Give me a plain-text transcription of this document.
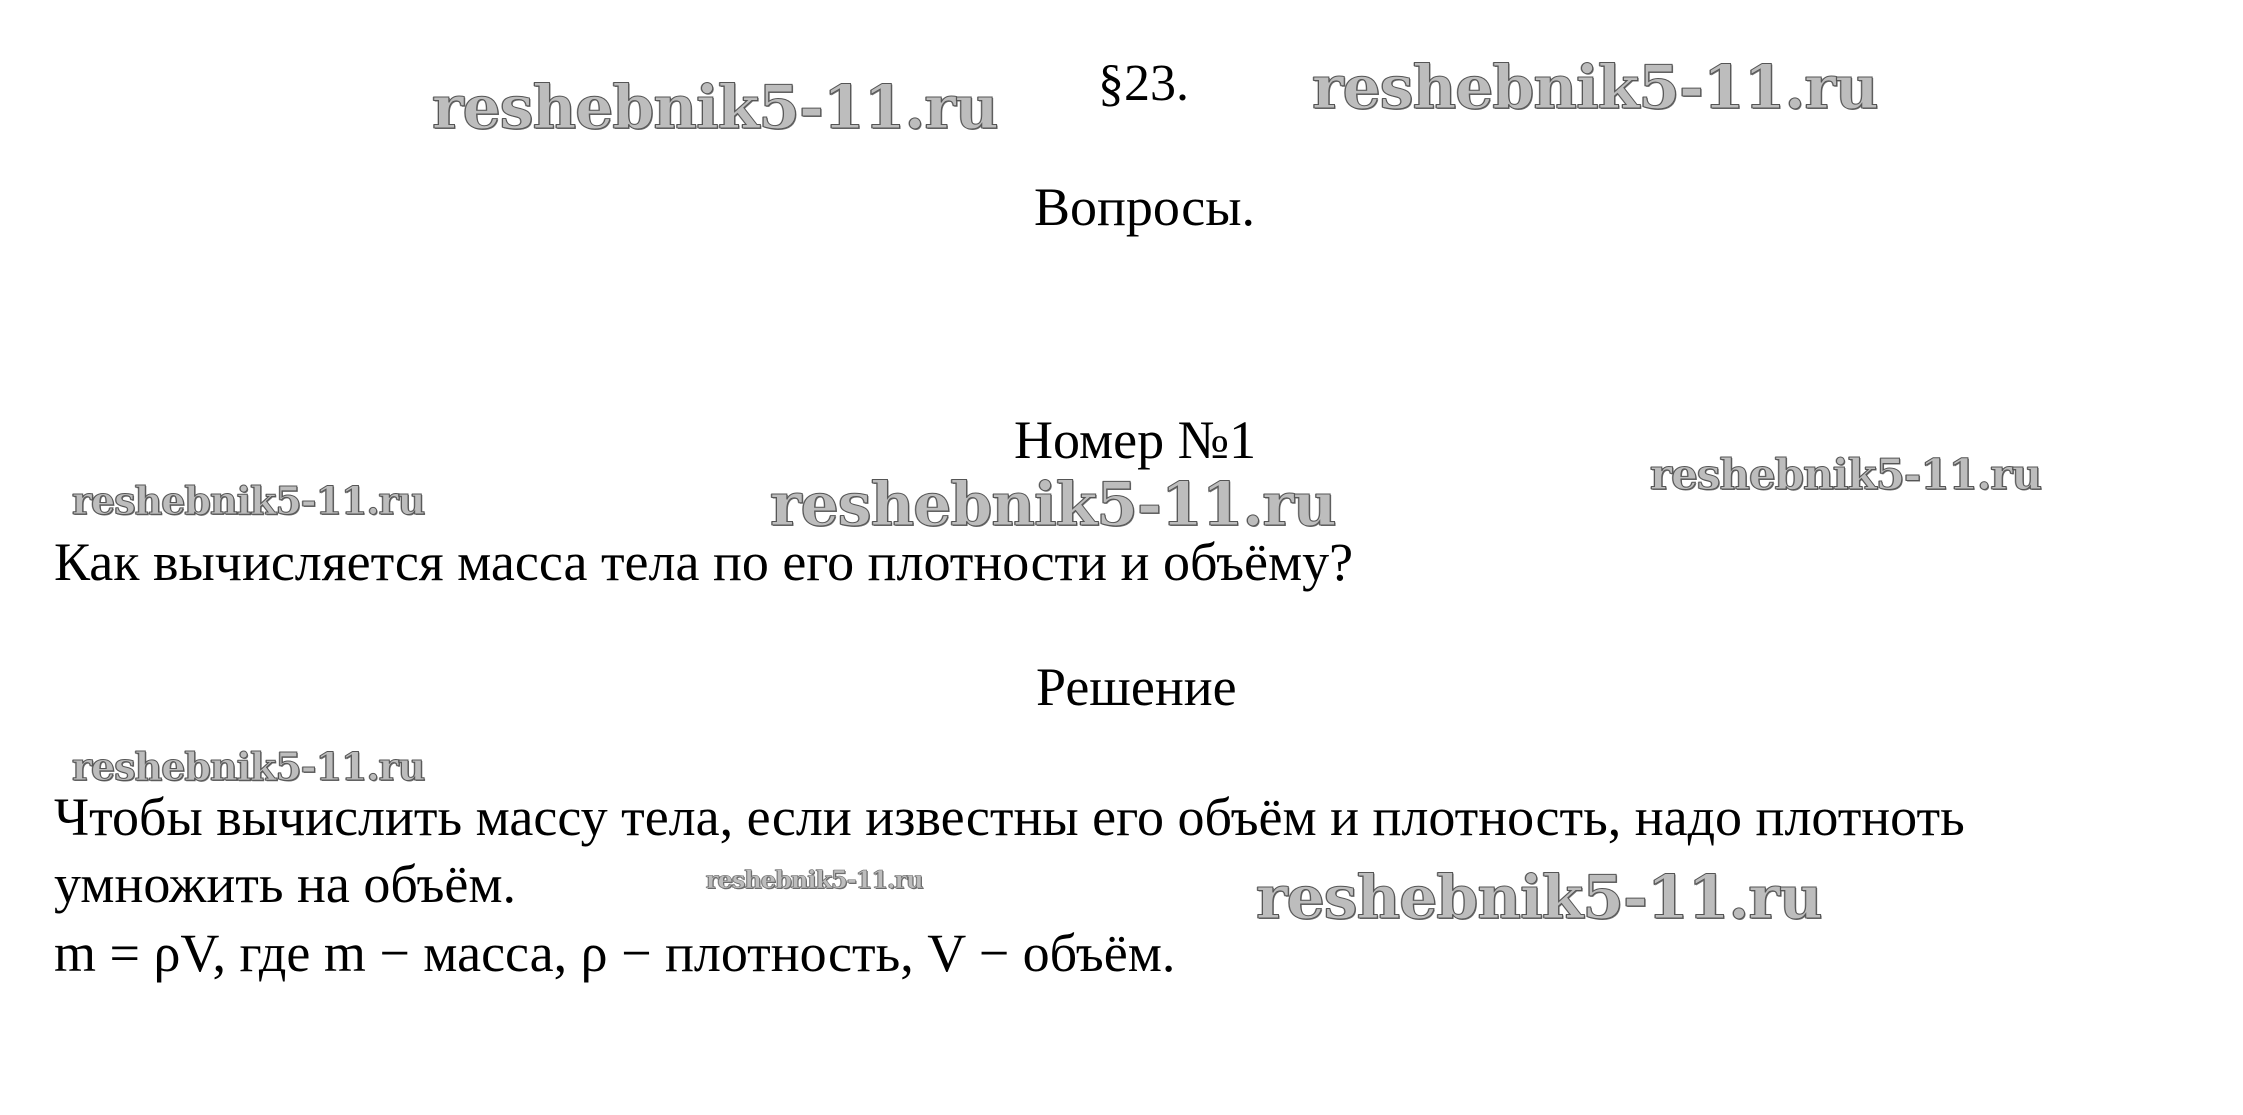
reshebnik5-11.ru	reshebnik5-11.ru
reshebnik5-11.ru
reshebnik5-11.ru	reshebnik5-11.ru
reshebnik5-11.ru
reshebnik5-11.ru	reshebnik5-11.ru
§23.
Вопросы.
Номер №1
Как вычисляется масса тела по его плотности и объёму?
Решение
Чтобы вычислить массу тела, если известны его объём и плотность, надо плотноть
умножить на объём.
m = ρV, где m − масса, ρ − плотность, V − объём.
